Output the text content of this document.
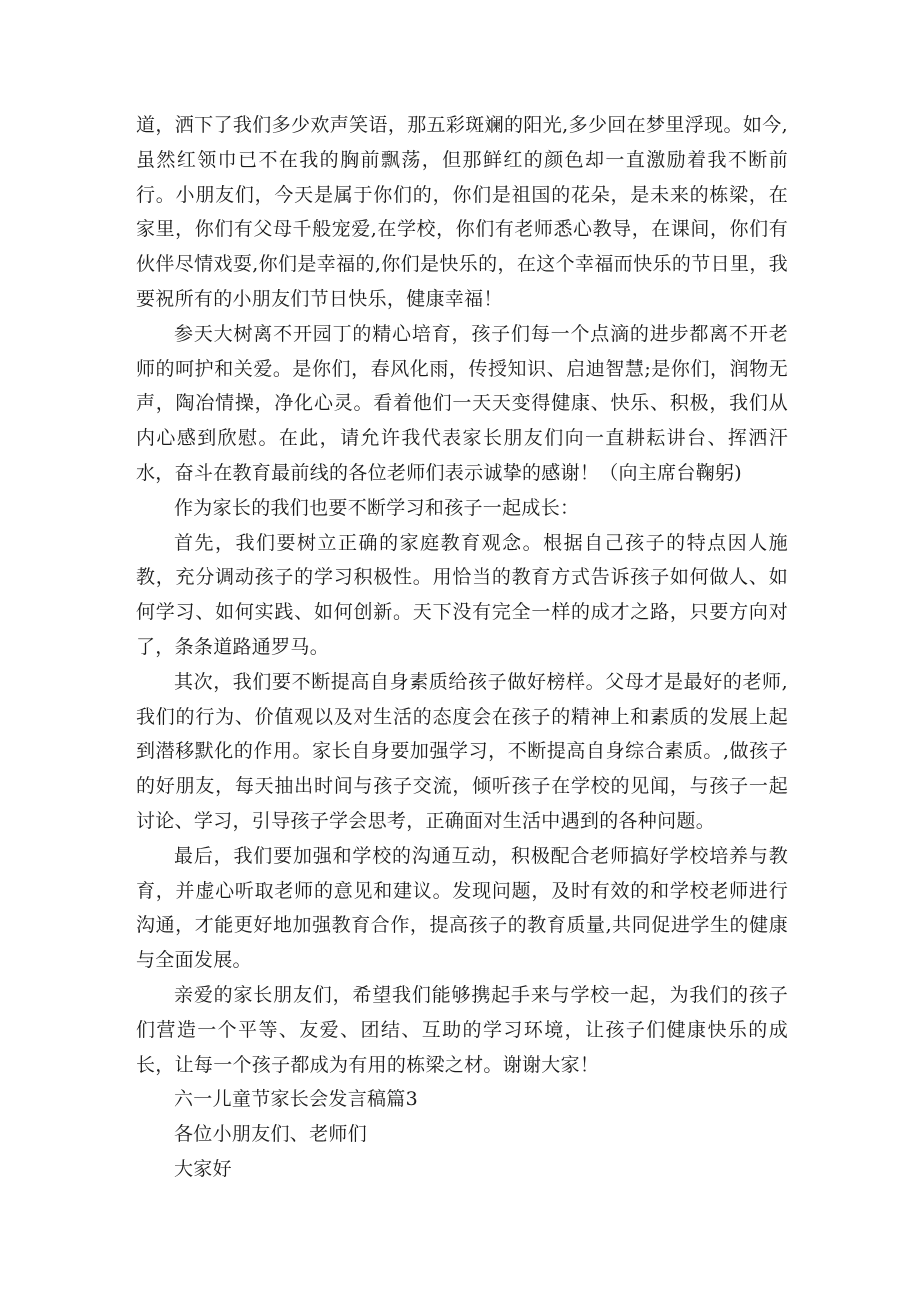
道，洒下了我们多少欢声笑语，那五彩斑斓的阳光,多少回在梦里浮现。如今,虽然红领巾已不在我的胸前飘荡，但那鲜红的颜色却一直激励着我不断前行。小朋友们，今天是属于你们的，你们是祖国的花朵，是未来的栋梁，在家里，你们有父母千般宠爱,在学校，你们有老师悉心教导，在课间，你们有伙伴尽情戏耍,你们是幸福的,你们是快乐的，在这个幸福而快乐的节日里，我要祝所有的小朋友们节日快乐，健康幸福！

参天大树离不开园丁的精心培育，孩子们每一个点滴的进步都离不开老师的呵护和关爱。是你们，春风化雨，传授知识、启迪智慧;是你们，润物无声，陶冶情操，净化心灵。看着他们一天天变得健康、快乐、积极，我们从内心感到欣慰。在此，请允许我代表家长朋友们向一直耕耘讲台、挥洒汗水，奋斗在教育最前线的各位老师们表示诚挚的感谢！（向主席台鞠躬)

作为家长的我们也要不断学习和孩子一起成长：

首先，我们要树立正确的家庭教育观念。根据自己孩子的特点因人施教，充分调动孩子的学习积极性。用恰当的教育方式告诉孩子如何做人、如何学习、如何实践、如何创新。天下没有完全一样的成才之路，只要方向对了，条条道路通罗马。

其次，我们要不断提高自身素质给孩子做好榜样。父母才是最好的老师,我们的行为、价值观以及对生活的态度会在孩子的精神上和素质的发展上起到潜移默化的作用。家长自身要加强学习，不断提高自身综合素质。,做孩子的好朋友，每天抽出时间与孩子交流，倾听孩子在学校的见闻，与孩子一起讨论、学习，引导孩子学会思考，正确面对生活中遇到的各种问题。

最后，我们要加强和学校的沟通互动，积极配合老师搞好学校培养与教育，并虚心听取老师的意见和建议。发现问题，及时有效的和学校老师进行沟通，才能更好地加强教育合作，提高孩子的教育质量,共同促进学生的健康与全面发展。

亲爱的家长朋友们，希望我们能够携起手来与学校一起，为我们的孩子们营造一个平等、友爱、团结、互助的学习环境，让孩子们健康快乐的成长，让每一个孩子都成为有用的栋梁之材。谢谢大家！

六一儿童节家长会发言稿篇3

各位小朋友们、老师们

大家好
